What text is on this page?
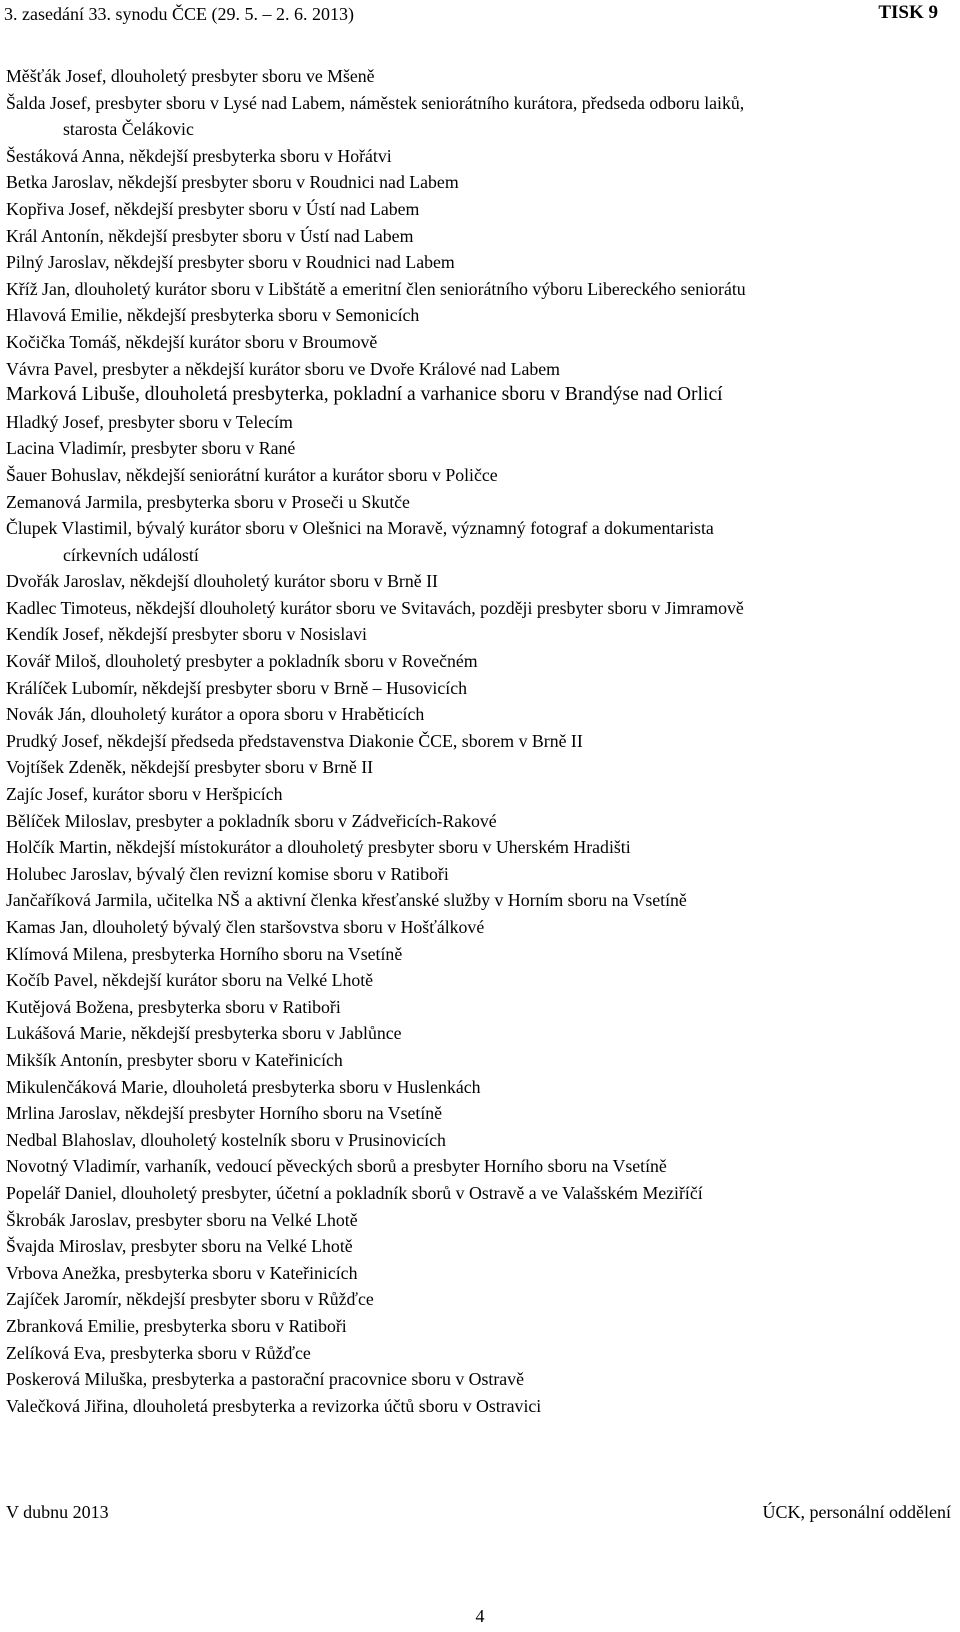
3. zasedání 33. synodu ČCE (29. 5. – 2. 6. 2013)	TISK 9
Měšťák Josef, dlouholetý presbyter sboru ve Mšeně
Šalda Josef, presbyter sboru v Lysé nad Labem, náměstek seniorátního kurátora, předseda odboru laiků,
starosta Čelákovic
Šestáková Anna, někdejší presbyterka sboru v Hořátvi
Betka Jaroslav, někdejší presbyter sboru v Roudnici nad Labem
Kopřiva Josef, někdejší presbyter sboru v Ústí nad Labem
Král Antonín, někdejší presbyter sboru v Ústí nad Labem
Pilný Jaroslav, někdejší presbyter sboru v Roudnici nad Labem
Kříž Jan, dlouholetý kurátor sboru v Libštátě a emeritní člen seniorátního výboru Libereckého seniorátu
Hlavová Emilie, někdejší presbyterka sboru v Semonicích
Kočička Tomáš, někdejší kurátor sboru v Broumově
Vávra Pavel, presbyter a někdejší kurátor sboru ve Dvoře Králové nad Labem
Marková Libuše, dlouholetá presbyterka, pokladní a varhanice sboru v Brandýse nad Orlicí
Hladký Josef, presbyter sboru v Telecím
Lacina Vladimír, presbyter sboru v Rané
Šauer Bohuslav, někdejší seniorátní kurátor a kurátor sboru v Poličce
Zemanová Jarmila, presbyterka sboru v Proseči u Skutče
Člupek Vlastimil, bývalý kurátor sboru v Olešnici na Moravě, významný fotograf a dokumentarista
církevních událostí
Dvořák Jaroslav, někdejší dlouholetý kurátor sboru v Brně II
Kadlec Timoteus, někdejší dlouholetý kurátor sboru ve Svitavách, později presbyter sboru v Jimramově
Kendík Josef, někdejší presbyter sboru v Nosislavi
Kovář Miloš, dlouholetý presbyter a pokladník sboru v Rovečném
Králíček Lubomír, někdejší presbyter sboru v Brně – Husovicích
Novák Ján, dlouholetý kurátor a opora sboru v Hraběticích
Prudký Josef, někdejší předseda představenstva Diakonie ČCE, sborem v Brně II
Vojtíšek Zdeněk, někdejší presbyter sboru v Brně II
Zajíc Josef, kurátor sboru v Heršpicích
Bělíček Miloslav, presbyter a pokladník sboru v Zádveřicích-Rakové
Holčík Martin, někdejší místokurátor a dlouholetý presbyter sboru v Uherském Hradišti
Holubec Jaroslav, bývalý člen revizní komise sboru v Ratiboři
Jančaříková Jarmila, učitelka NŠ a aktivní členka křesťanské služby v Horním sboru na Vsetíně
Kamas Jan, dlouholetý bývalý člen staršovstva sboru v Hošťálkové
Klímová Milena, presbyterka Horního sboru na Vsetíně
Kočíb Pavel, někdejší kurátor sboru na Velké Lhotě
Kutějová Božena, presbyterka sboru v Ratiboři
Lukášová Marie, někdejší presbyterka sboru v Jablůnce
Mikšík Antonín, presbyter sboru v Kateřinicích
Mikulenčáková Marie, dlouholetá presbyterka sboru v Huslenkách
Mrlina Jaroslav, někdejší presbyter Horního sboru na Vsetíně
Nedbal Blahoslav, dlouholetý kostelník sboru v Prusinovicích
Novotný Vladimír, varhaník, vedoucí pěveckých sborů a presbyter Horního sboru na Vsetíně
Popelář Daniel, dlouholetý presbyter, účetní a pokladník sborů v Ostravě a ve Valašském Meziříčí
Škrobák Jaroslav, presbyter sboru na Velké Lhotě
Švajda Miroslav, presbyter sboru na Velké Lhotě
Vrbova Anežka, presbyterka sboru v Kateřinicích
Zajíček Jaromír, někdejší presbyter sboru v Růžďce
Zbranková Emilie, presbyterka sboru v Ratiboři
Zelíková Eva, presbyterka sboru v Růžďce
Poskerová Miluška, presbyterka a pastorační pracovnice sboru v Ostravě
Valečková Jiřina, dlouholetá presbyterka a revizorka účtů sboru v Ostravici
V dubnu 2013	ÚCK, personální oddělení
4
